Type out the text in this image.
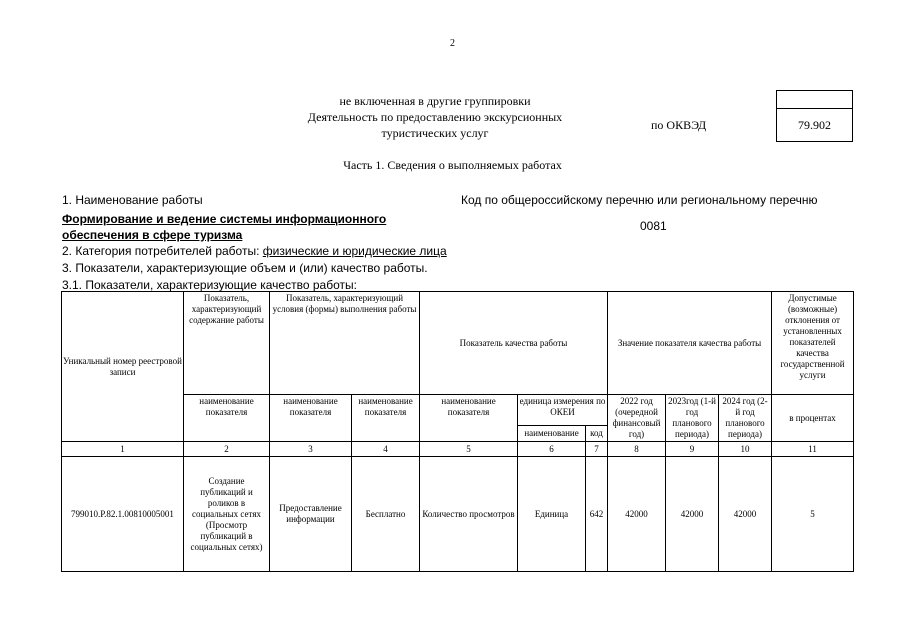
2
не включенная в другие группировки
Деятельность по предоставлению экскурсионных
туристических услуг
по ОКВЭД	79.902
Часть 1. Сведения о выполняемых работах
1. Наименование работы	Код по общероссийскому перечню или региональному перечню
Формирование и ведение системы информационного
обеспечения в сфере туризма
0081
2. Категория потребителей работы: физические и юридические лица
3. Показатели, характеризующие объем и (или) качество работы.
3.1. Показатели, характеризующие качество работы:
Уникальный номер реестровой записи	Показатель, характеризующий содержание работы	Показатель, характеризующий условия (формы) выполнения работы		Показатель качества работы			Значение показателя качества работы			Допустимые (возможные) отклонения от установленных показателей качества государственной услуги
	наименование показателя	наименование показателя	наименование показателя	наименование показателя	единица измерения по ОКЕИ		2022 год (очередной финансовый год)	2023год (1-й год планового периода)	2024 год (2-й год планового периода)	в процентах
					наименование	код				
1	2	3	4	5	6	7	8	9	10	11
799010.Р.82.1.00810005001	Создание публикаций и роликов в социальных сетях (Просмотр публикаций в социальных сетях)	Предоставление информации	Бесплатно	Количество просмотров	Единица	642	42000	42000	42000	5
